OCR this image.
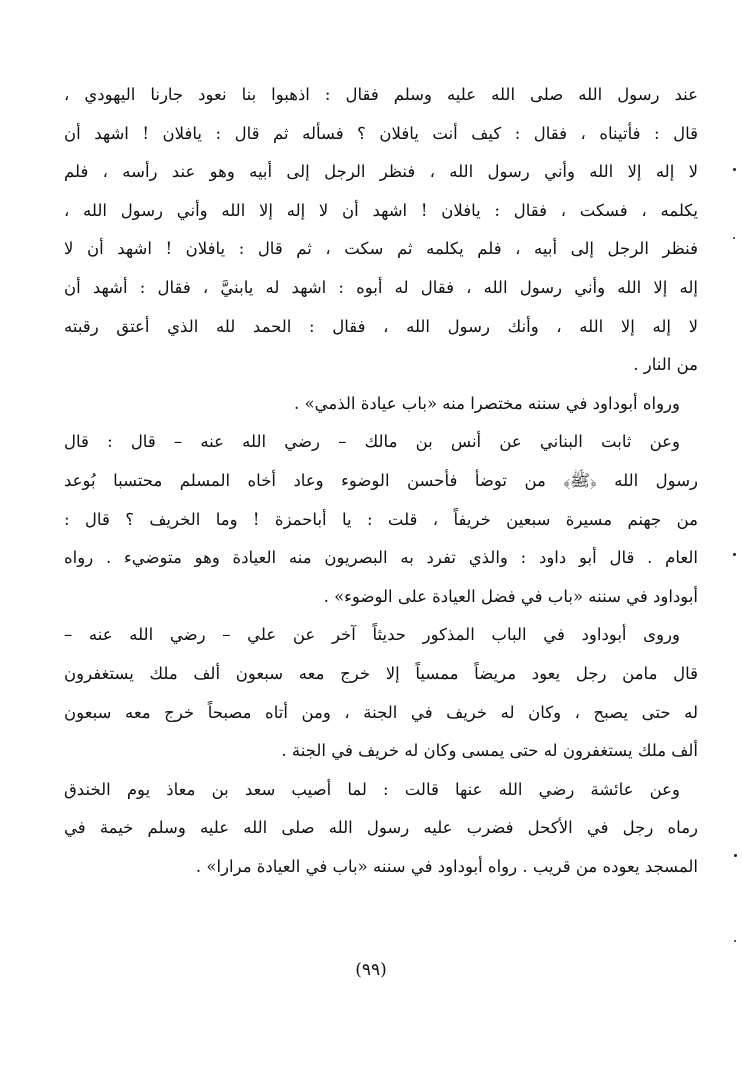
عند رسول الله صلى الله عليه وسلم فقال : اذهبوا بنا نعود جارنا اليهودي ،
قال : فأتيناه ، فقال : كيف أنت يافلان ؟ فسأله ثم قال : يافلان ! اشهد أن
لا إله إلا الله وأني رسول الله ، فنظر الرجل إلى أبيه وهو عند رأسه ، فلم
يكلمه ، فسكت ، فقال : يافلان ! اشهد أن لا إله إلا الله وأني رسول الله ،
فنظر الرجل إلى أبيه ، فلم يكلمه ثم سكت ، ثم قال : يافلان ! اشهد أن لا
إله إلا الله وأني رسول الله ، فقال له أبوه : اشهد له يابنيَّ ، فقال : أشهد أن
لا إله إلا الله ، وأنك رسول الله ، فقال : الحمد لله الذي أعتق رقبته
من النار .
ورواه أبوداود في سننه مختصرا منه «باب عيادة الذمي» .
وعن ثابت البناني عن أنس بن مالك – رضي الله عنه – قال : قال
رسول الله ﴿ﷺ﴾ من توضأ فأحسن الوضوء وعاد أخاه المسلم محتسبا بُوعد
من جهنم مسيرة سبعين خريفاً ، قلت : يا أباحمزة ! وما الخريف ؟ قال :
العام . قال أبو داود : والذي تفرد به البصريون منه العيادة وهو متوضيء . رواه
أبوداود في سننه «باب في فضل العيادة على الوضوء» .
وروى أبوداود في الباب المذكور حديثاً آخر عن علي – رضي الله عنه –
قال مامن رجل يعود مريضاً ممسياً إلا خرج معه سبعون ألف ملك يستغفرون
له حتى يصبح ، وكان له خريف في الجنة ، ومن أتاه مصبحاً خرج معه سبعون
ألف ملك يستغفرون له حتى يمسى وكان له خريف في الجنة .
وعن عائشة رضي الله عنها قالت : لما أصيب سعد بن معاذ يوم الخندق
رماه رجل في الأكحل فضرب عليه رسول الله صلى الله عليه وسلم خيمة في
المسجد يعوده من قريب . رواه أبوداود في سننه «باب في العيادة مرارا» .
(٩٩)
